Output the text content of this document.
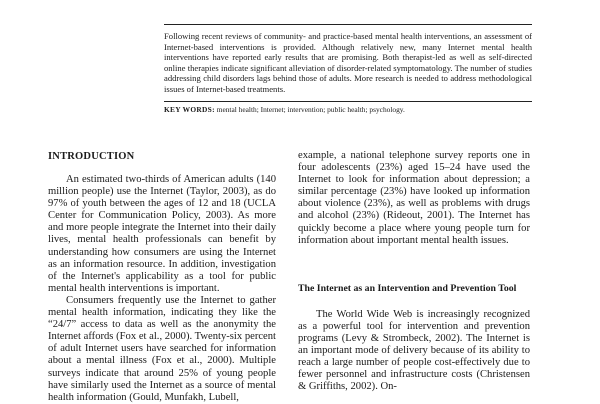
Following recent reviews of community- and practice-based mental health interventions, an assessment of Internet-based interventions is provided. Although relatively new, many Internet mental health interventions have reported early results that are promising. Both therapist-led as well as self-directed online therapies indicate significant alleviation of disorder-related symptomatology. The number of studies addressing child disorders lags behind those of adults. More research is needed to address methodological issues of Internet-based treatments.

KEY WORDS: mental health; Internet; intervention; public health; psychology.

INTRODUCTION

An estimated two-thirds of American adults (140 million people) use the Internet (Taylor, 2003), as do 97% of youth between the ages of 12 and 18 (UCLA Center for Communication Policy, 2003). As more and more people integrate the Internet into their daily lives, mental health professionals can benefit by understanding how consumers are using the Internet as an information resource. In addition, investigation of the Internet's applicability as a tool for public mental health interventions is important.

Consumers frequently use the Internet to gather mental health information, indicating they like the “24/7” access to data as well as the anonymity the Internet affords (Fox et al., 2000). Twenty-six percent of adult Internet users have searched for information about a mental illness (Fox et al., 2000). Multiple surveys indicate that around 25% of young people have similarly used the Internet as a source of mental health information (Gould, Munfakh, Lubell,

example, a national telephone survey reports one in four adolescents (23%) aged 15–24 have used the Internet to look for information about depression; a similar percentage (23%) have looked up information about violence (23%), as well as problems with drugs and alcohol (23%) (Rideout, 2001). The Internet has quickly become a place where young people turn for information about important mental health issues.

The Internet as an Intervention and Prevention Tool

The World Wide Web is increasingly recognized as a powerful tool for intervention and prevention programs (Levy & Strombeck, 2002). The Internet is an important mode of delivery because of its ability to reach a large number of people cost-effectively due to fewer personnel and infrastructure costs (Christensen & Griffiths, 2002). On-
